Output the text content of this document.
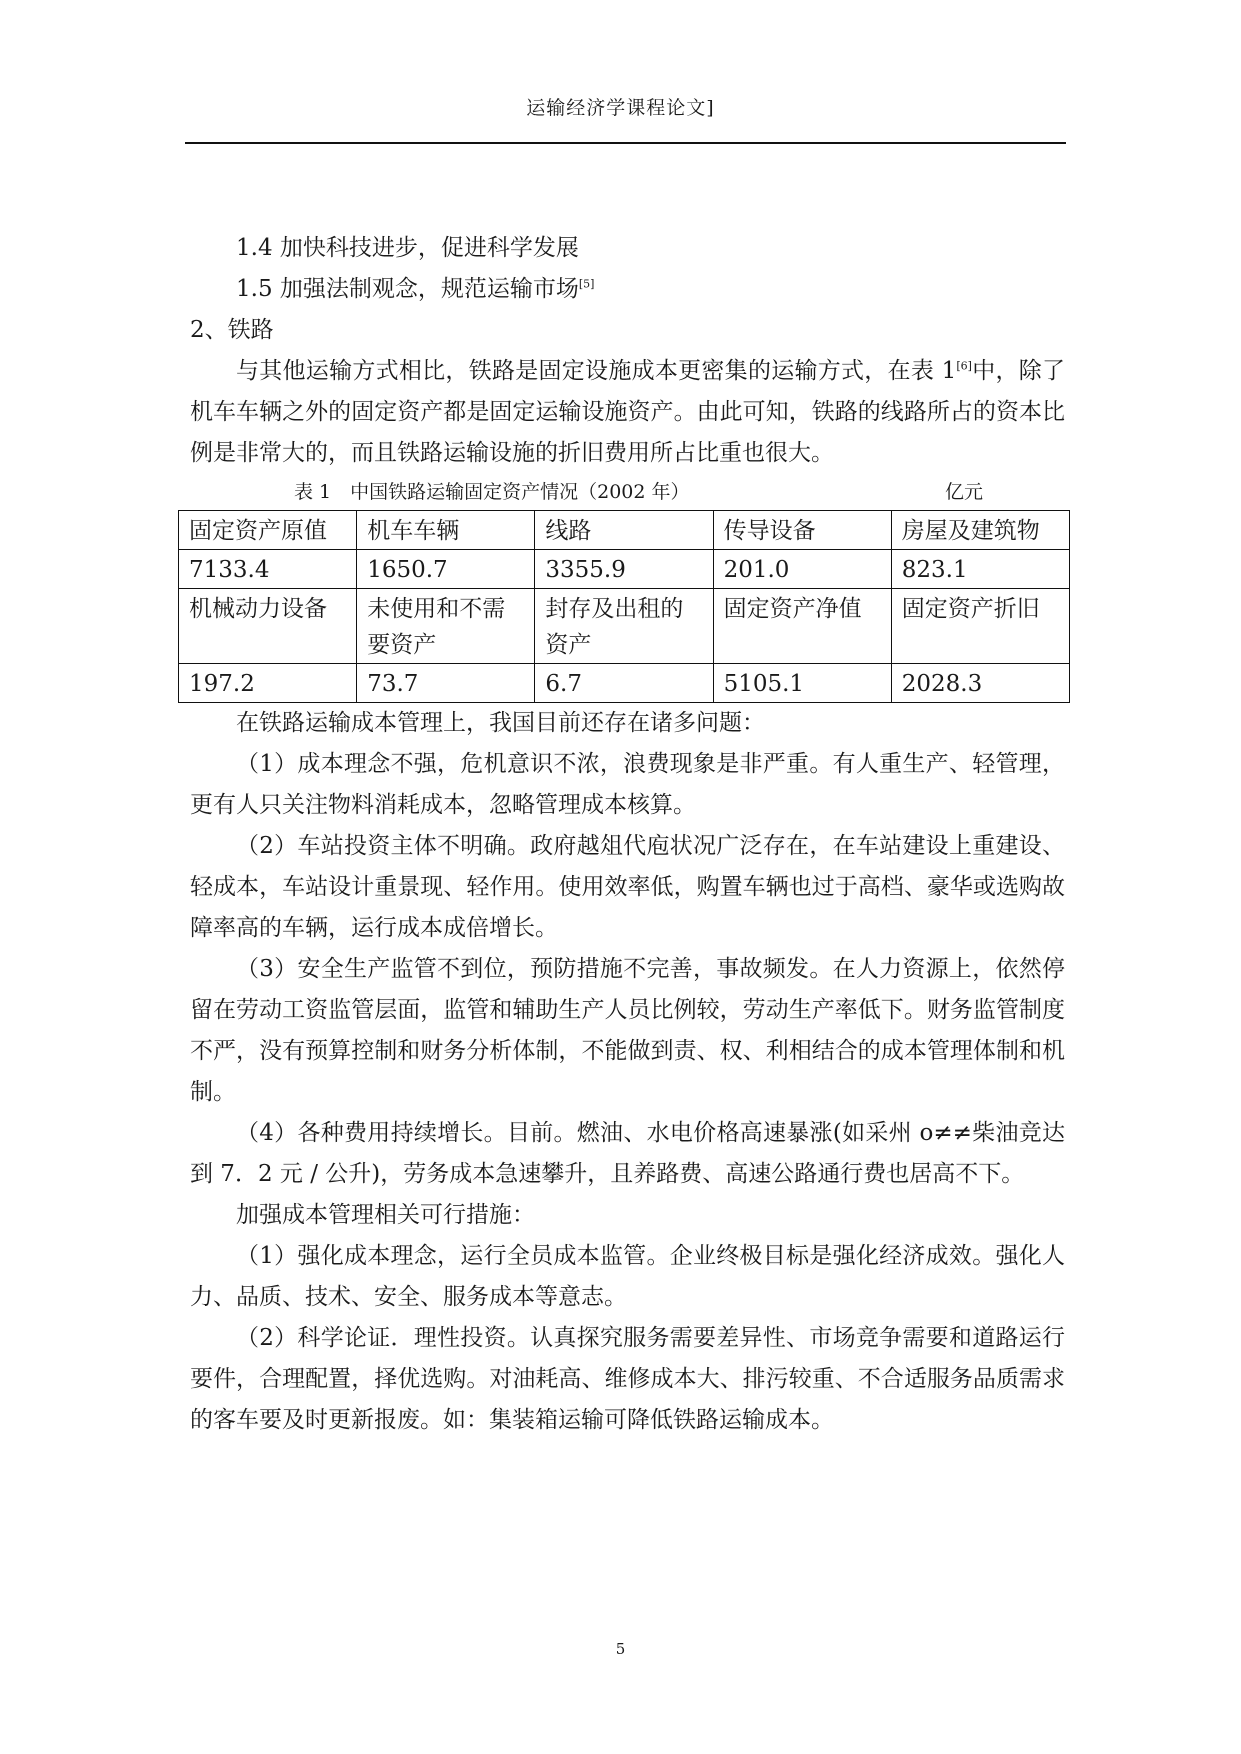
运输经济学课程论文]

1.4 加快科技进步，促进科学发展

1.5 加强法制观念，规范运输市场[5]

2、铁路

与其他运输方式相比，铁路是固定设施成本更密集的运输方式，在表 1[6]中，除了机车车辆之外的固定资产都是固定运输设施资产。由此可知，铁路的线路所占的资本比例是非常大的，而且铁路运输设施的折旧费用所占比重也很大。

表 1　中国铁路运输固定资产情况（2002 年）	亿元
固定资产原值	机车车辆	线路	传导设备	房屋及建筑物
7133.4	1650.7	3355.9	201.0	823.1
机械动力设备	未使用和不需要资产	封存及出租的资产	固定资产净值	固定资产折旧
197.2	73.7	6.7	5105.1	2028.3

在铁路运输成本管理上，我国目前还存在诸多问题：

（1）成本理念不强，危机意识不浓，浪费现象是非严重。有人重生产、轻管理，更有人只关注物料消耗成本，忽略管理成本核算。

（2）车站投资主体不明确。政府越俎代庖状况广泛存在，在车站建设上重建设、轻成本，车站设计重景现、轻作用。使用效率低，购置车辆也过于高档、豪华或选购故障率高的车辆，运行成本成倍增长。

（3）安全生产监管不到位，预防措施不完善，事故频发。在人力资源上，依然停留在劳动工资监管层面，监管和辅助生产人员比例较，劳动生产率低下。财务监管制度不严，没有预算控制和财务分析体制，不能做到责、权、利相结合的成本管理体制和机制。

（4）各种费用持续增长。目前。燃油、水电价格高速暴涨(如采州 o≠≠柴油竞达到 7．2 元 / 公升)，劳务成本急速攀升，且养路费、高速公路通行费也居高不下。

加强成本管理相关可行措施：

（1）强化成本理念，运行全员成本监管。企业终极目标是强化经济成效。强化人力、品质、技术、安全、服务成本等意志。

（2）科学论证．理性投资。认真探究服务需要差异性、市场竞争需要和道路运行要件，合理配置，择优选购。对油耗高、维修成本大、排污较重、不合适服务品质需求的客车要及时更新报废。如：集装箱运输可降低铁路运输成本。

5
